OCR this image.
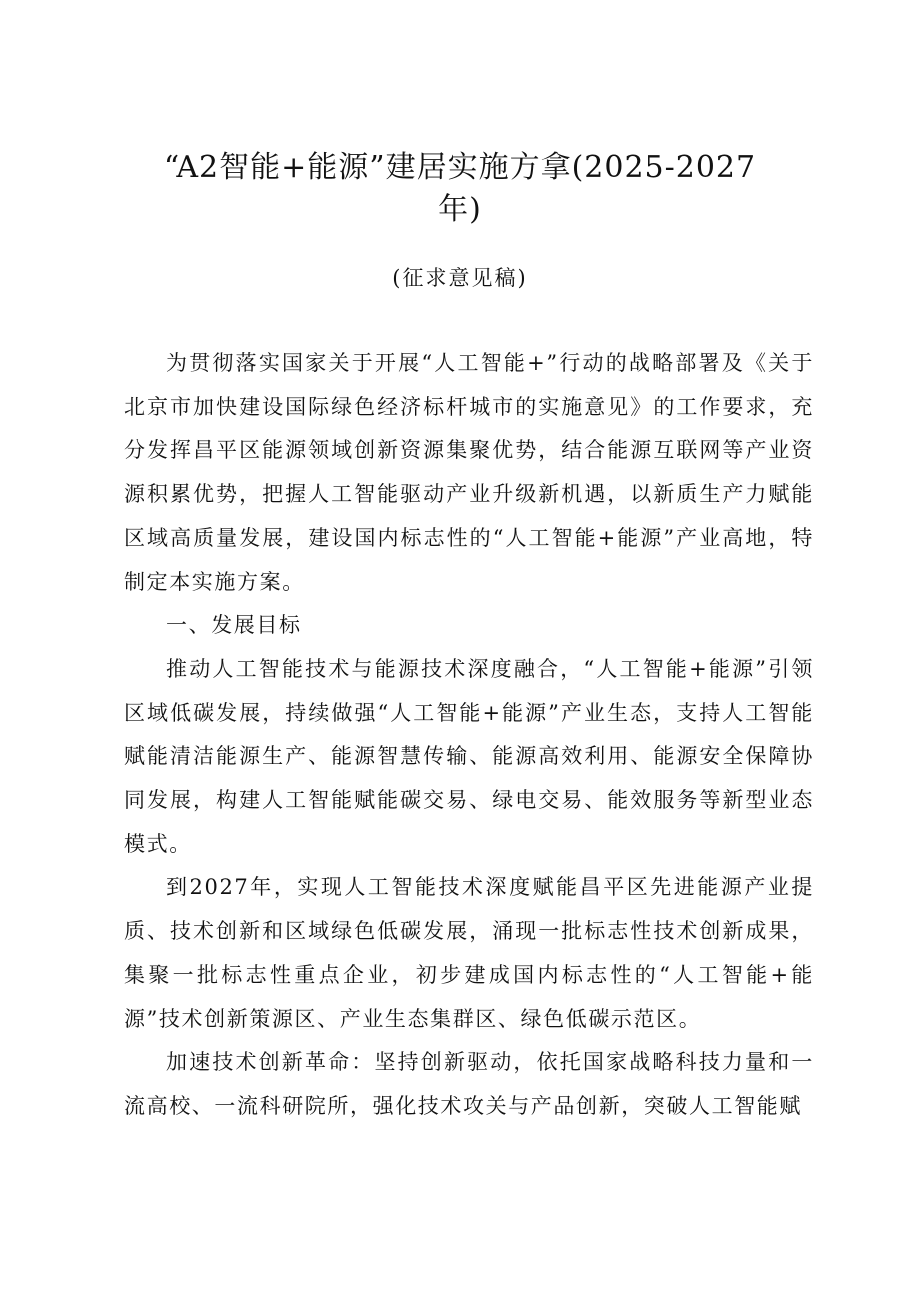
“A2智能+能源”建居实施方拿(2025-2027
年)
(征求意见稿)

为贯彻落实国家关于开展“人工智能+”行动的战略部署及《关于北京市加快建设国际绿色经济标杆城市的实施意见》的工作要求，充分发挥昌平区能源领域创新资源集聚优势，结合能源互联网等产业资源积累优势，把握人工智能驱动产业升级新机遇，以新质生产力赋能区域高质量发展，建设国内标志性的“人工智能+能源”产业高地，特制定本实施方案。

一、发展目标

推动人工智能技术与能源技术深度融合，“人工智能+能源”引领区域低碳发展，持续做强“人工智能+能源”产业生态，支持人工智能赋能清洁能源生产、能源智慧传输、能源高效利用、能源安全保障协同发展，构建人工智能赋能碳交易、绿电交易、能效服务等新型业态模式。

到2027年，实现人工智能技术深度赋能昌平区先进能源产业提质、技术创新和区域绿色低碳发展，涌现一批标志性技术创新成果，集聚一批标志性重点企业，初步建成国内标志性的“人工智能+能源”技术创新策源区、产业生态集群区、绿色低碳示范区。

加速技术创新革命：坚持创新驱动，依托国家战略科技力量和一流高校、一流科研院所，强化技术攻关与产品创新，突破人工智能赋
